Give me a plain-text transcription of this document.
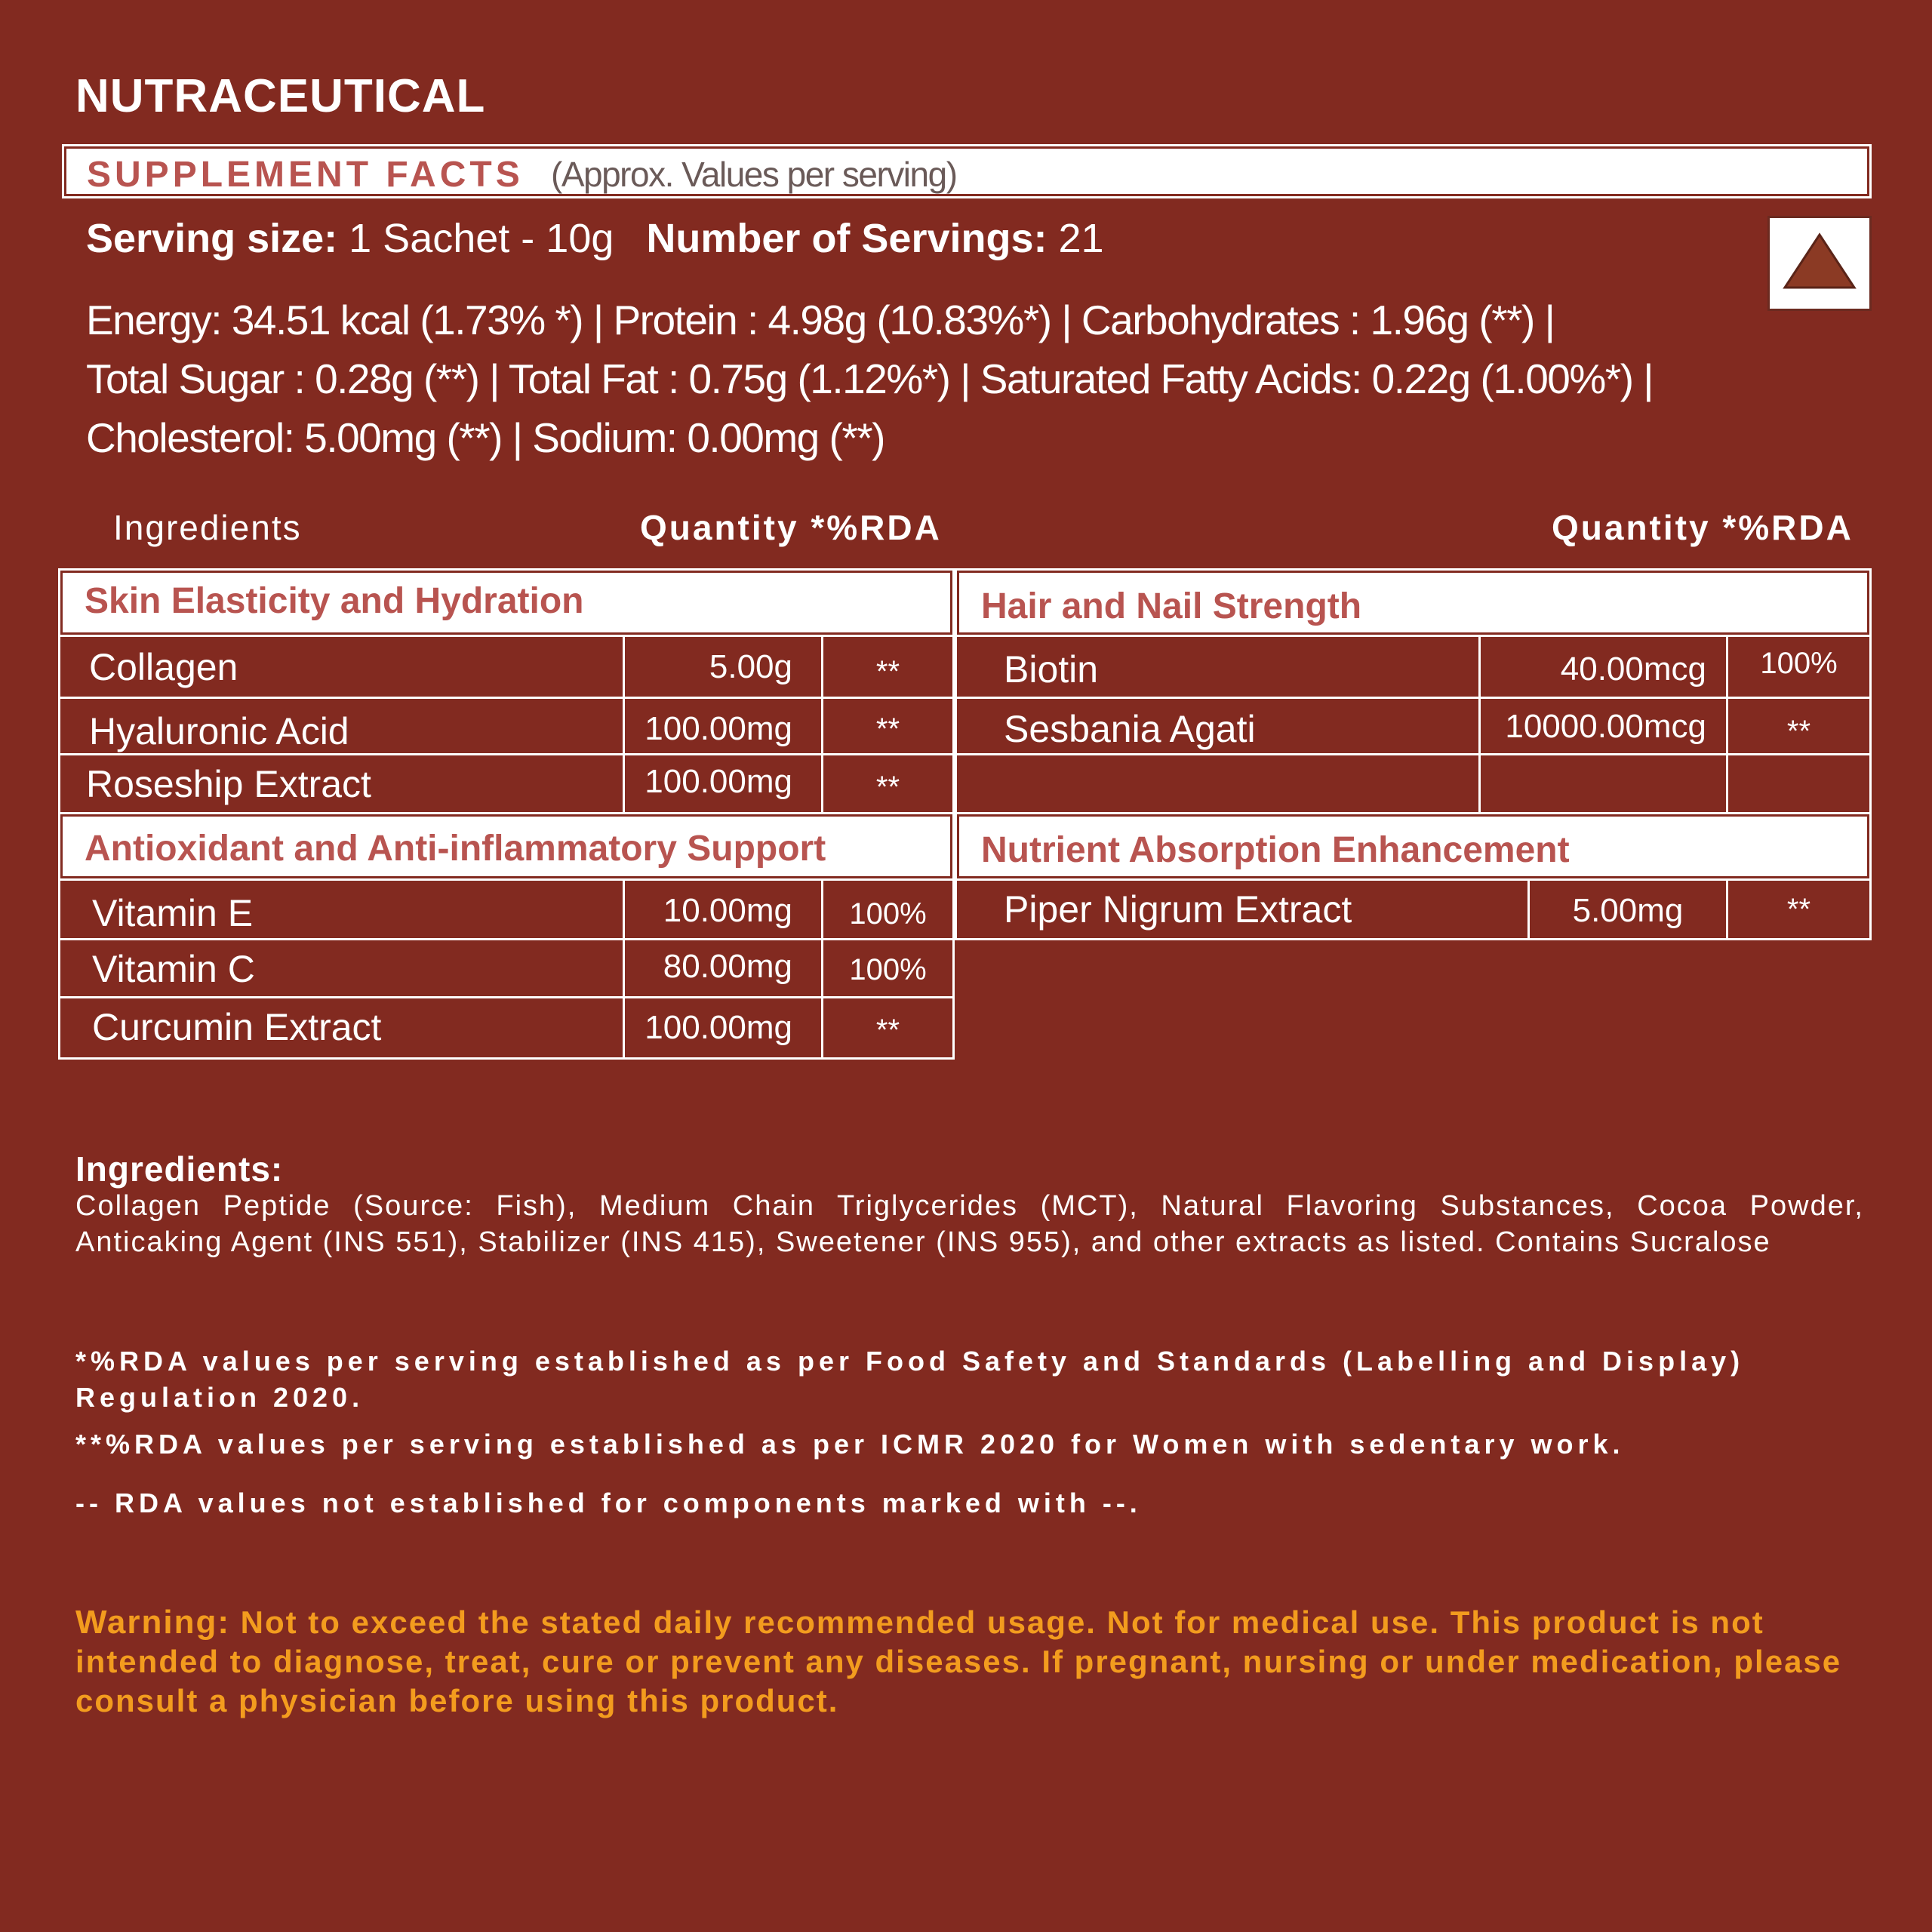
NUTRACEUTICAL
SUPPLEMENT FACTS (Approx. Values per serving)
Serving size: 1 Sachet - 10g Number of Servings: 21
Energy: 34.51 kcal (1.73% *) | Protein : 4.98g (10.83%*) | Carbohydrates : 1.96g (**) |
Total Sugar : 0.28g (**) | Total Fat : 0.75g (1.12%*) | Saturated Fatty Acids: 0.22g (1.00%*) |
Cholesterol: 5.00mg (**) | Sodium: 0.00mg (**)
Ingredients	Quantity *%RDA	Quantity *%RDA
Skin Elasticity and Hydration
Collagen	5.00g	**
Hyaluronic Acid	100.00mg	**
Roseship Extract	100.00mg	**
Antioxidant and Anti-inflammatory Support
Vitamin E	10.00mg	100%
Vitamin C	80.00mg	100%
Curcumin Extract	100.00mg	**
Hair and Nail Strength
Biotin	40.00mcg	100%
Sesbania Agati	10000.00mcg	**
Nutrient Absorption Enhancement
Piper Nigrum Extract	5.00mg	**
Ingredients:
Collagen Peptide (Source: Fish), Medium Chain Triglycerides (MCT), Natural Flavoring Substances, Cocoa Powder, Anticaking Agent (INS 551), Stabilizer (INS 415), Sweetener (INS 955), and other extracts as listed. Contains Sucralose
*%RDA values per serving established as per Food Safety and Standards (Labelling and Display) Regulation 2020.
**%RDA values per serving established as per ICMR 2020 for Women with sedentary work.
-- RDA values not established for components marked with --.
Warning: Not to exceed the stated daily recommended usage. Not for medical use. This product is not intended to diagnose, treat, cure or prevent any diseases. If pregnant, nursing or under medication, please consult a physician before using this product.
